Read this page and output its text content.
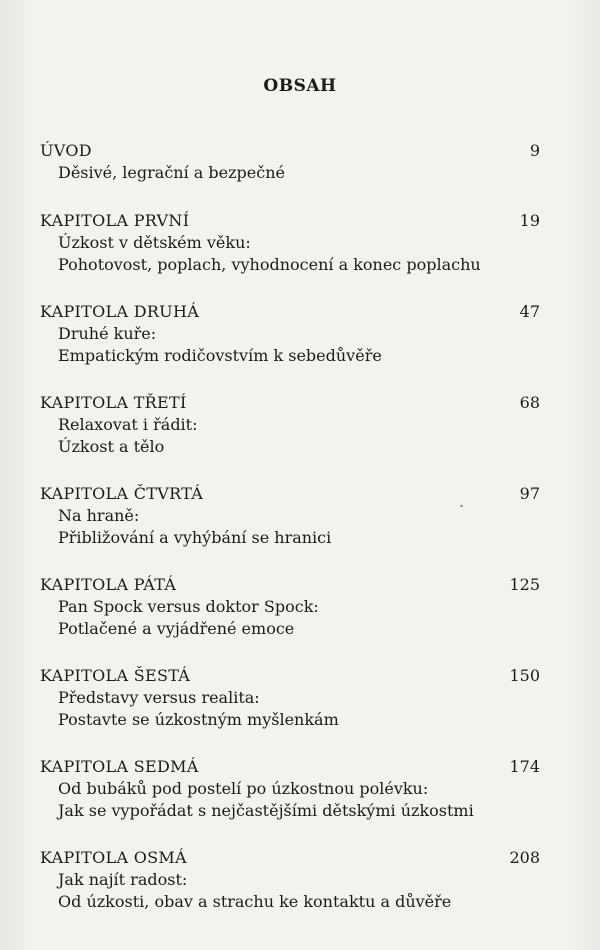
OBSAH
ÚVOD	9
Děsivé, legrační a bezpečné
KAPITOLA PRVNÍ	19
Úzkost v dětském věku:
Pohotovost, poplach, vyhodnocení a konec poplachu
KAPITOLA DRUHÁ	47
Druhé kuře:
Empatickým rodičovstvím k sebedůvěře
KAPITOLA TŘETÍ	68
Relaxovat i řádit:
Úzkost a tělo
KAPITOLA ČTVRTÁ	97
Na hraně:
Přibližování a vyhýbání se hranici
KAPITOLA PÁTÁ	125
Pan Spock versus doktor Spock:
Potlačené a vyjádřené emoce
KAPITOLA ŠESTÁ	150
Představy versus realita:
Postavte se úzkostným myšlenkám
KAPITOLA SEDMÁ	174
Od bubáků pod postelí po úzkostnou polévku:
Jak se vypořádat s nejčastějšími dětskými úzkostmi
KAPITOLA OSMÁ	208
Jak najít radost:
Od úzkosti, obav a strachu ke kontaktu a důvěře
